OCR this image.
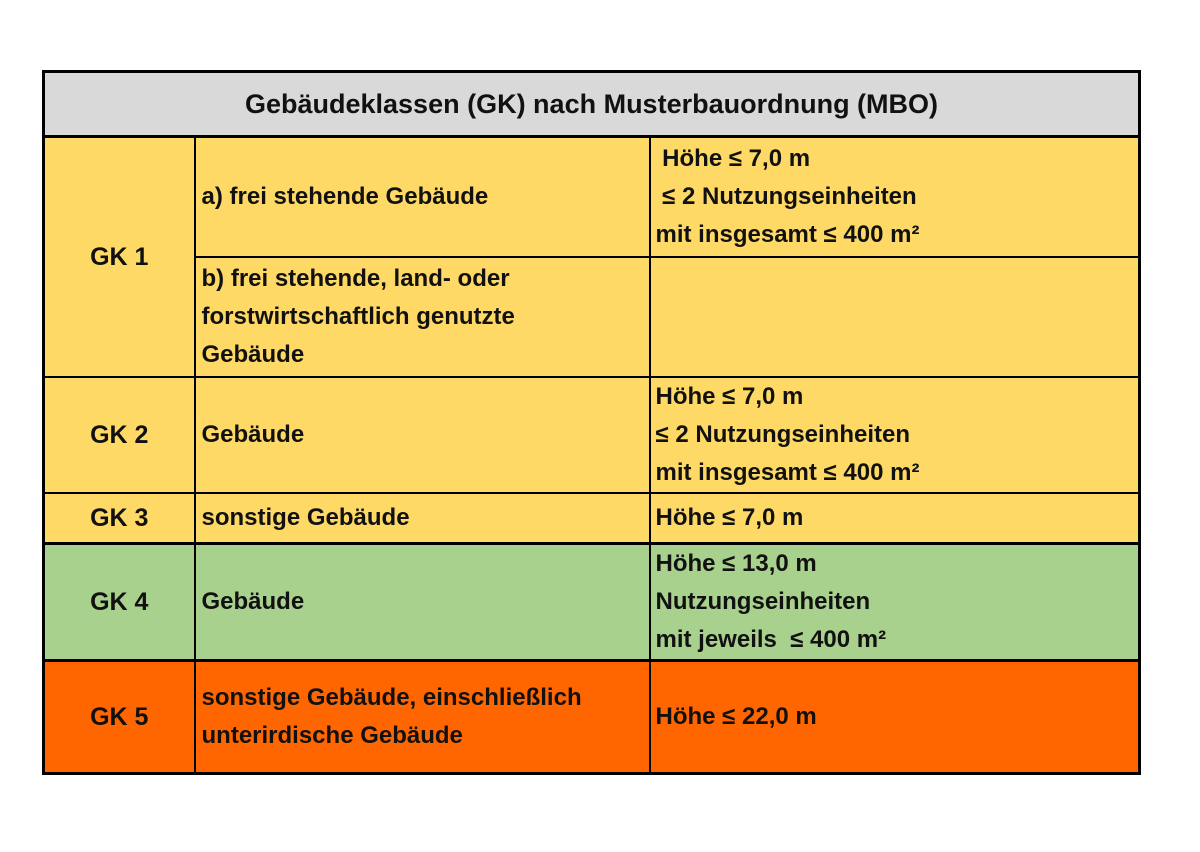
Gebäudeklassen (GK) nach Musterbauordnung (MBO)		
GK 1	a) frei stehende Gebäude	Höhe ≤ 7,0 m
≤ 2 Nutzungseinheiten
mit insgesamt ≤ 400 m²

	b) frei stehende, land- oder
forstwirtschaftlich genutzte
Gebäude	

GK 2	Gebäude	Höhe ≤ 7,0 m
≤ 2 Nutzungseinheiten
mit insgesamt ≤ 400 m²

GK 3	sonstige Gebäude	Höhe ≤ 7,0 m
GK 4	Gebäude	Höhe ≤ 13,0 m
Nutzungseinheiten
mit jeweils  ≤ 400 m²

GK 5	sonstige Gebäude, einschließlich
unterirdische Gebäude	Höhe ≤ 22,0 m
